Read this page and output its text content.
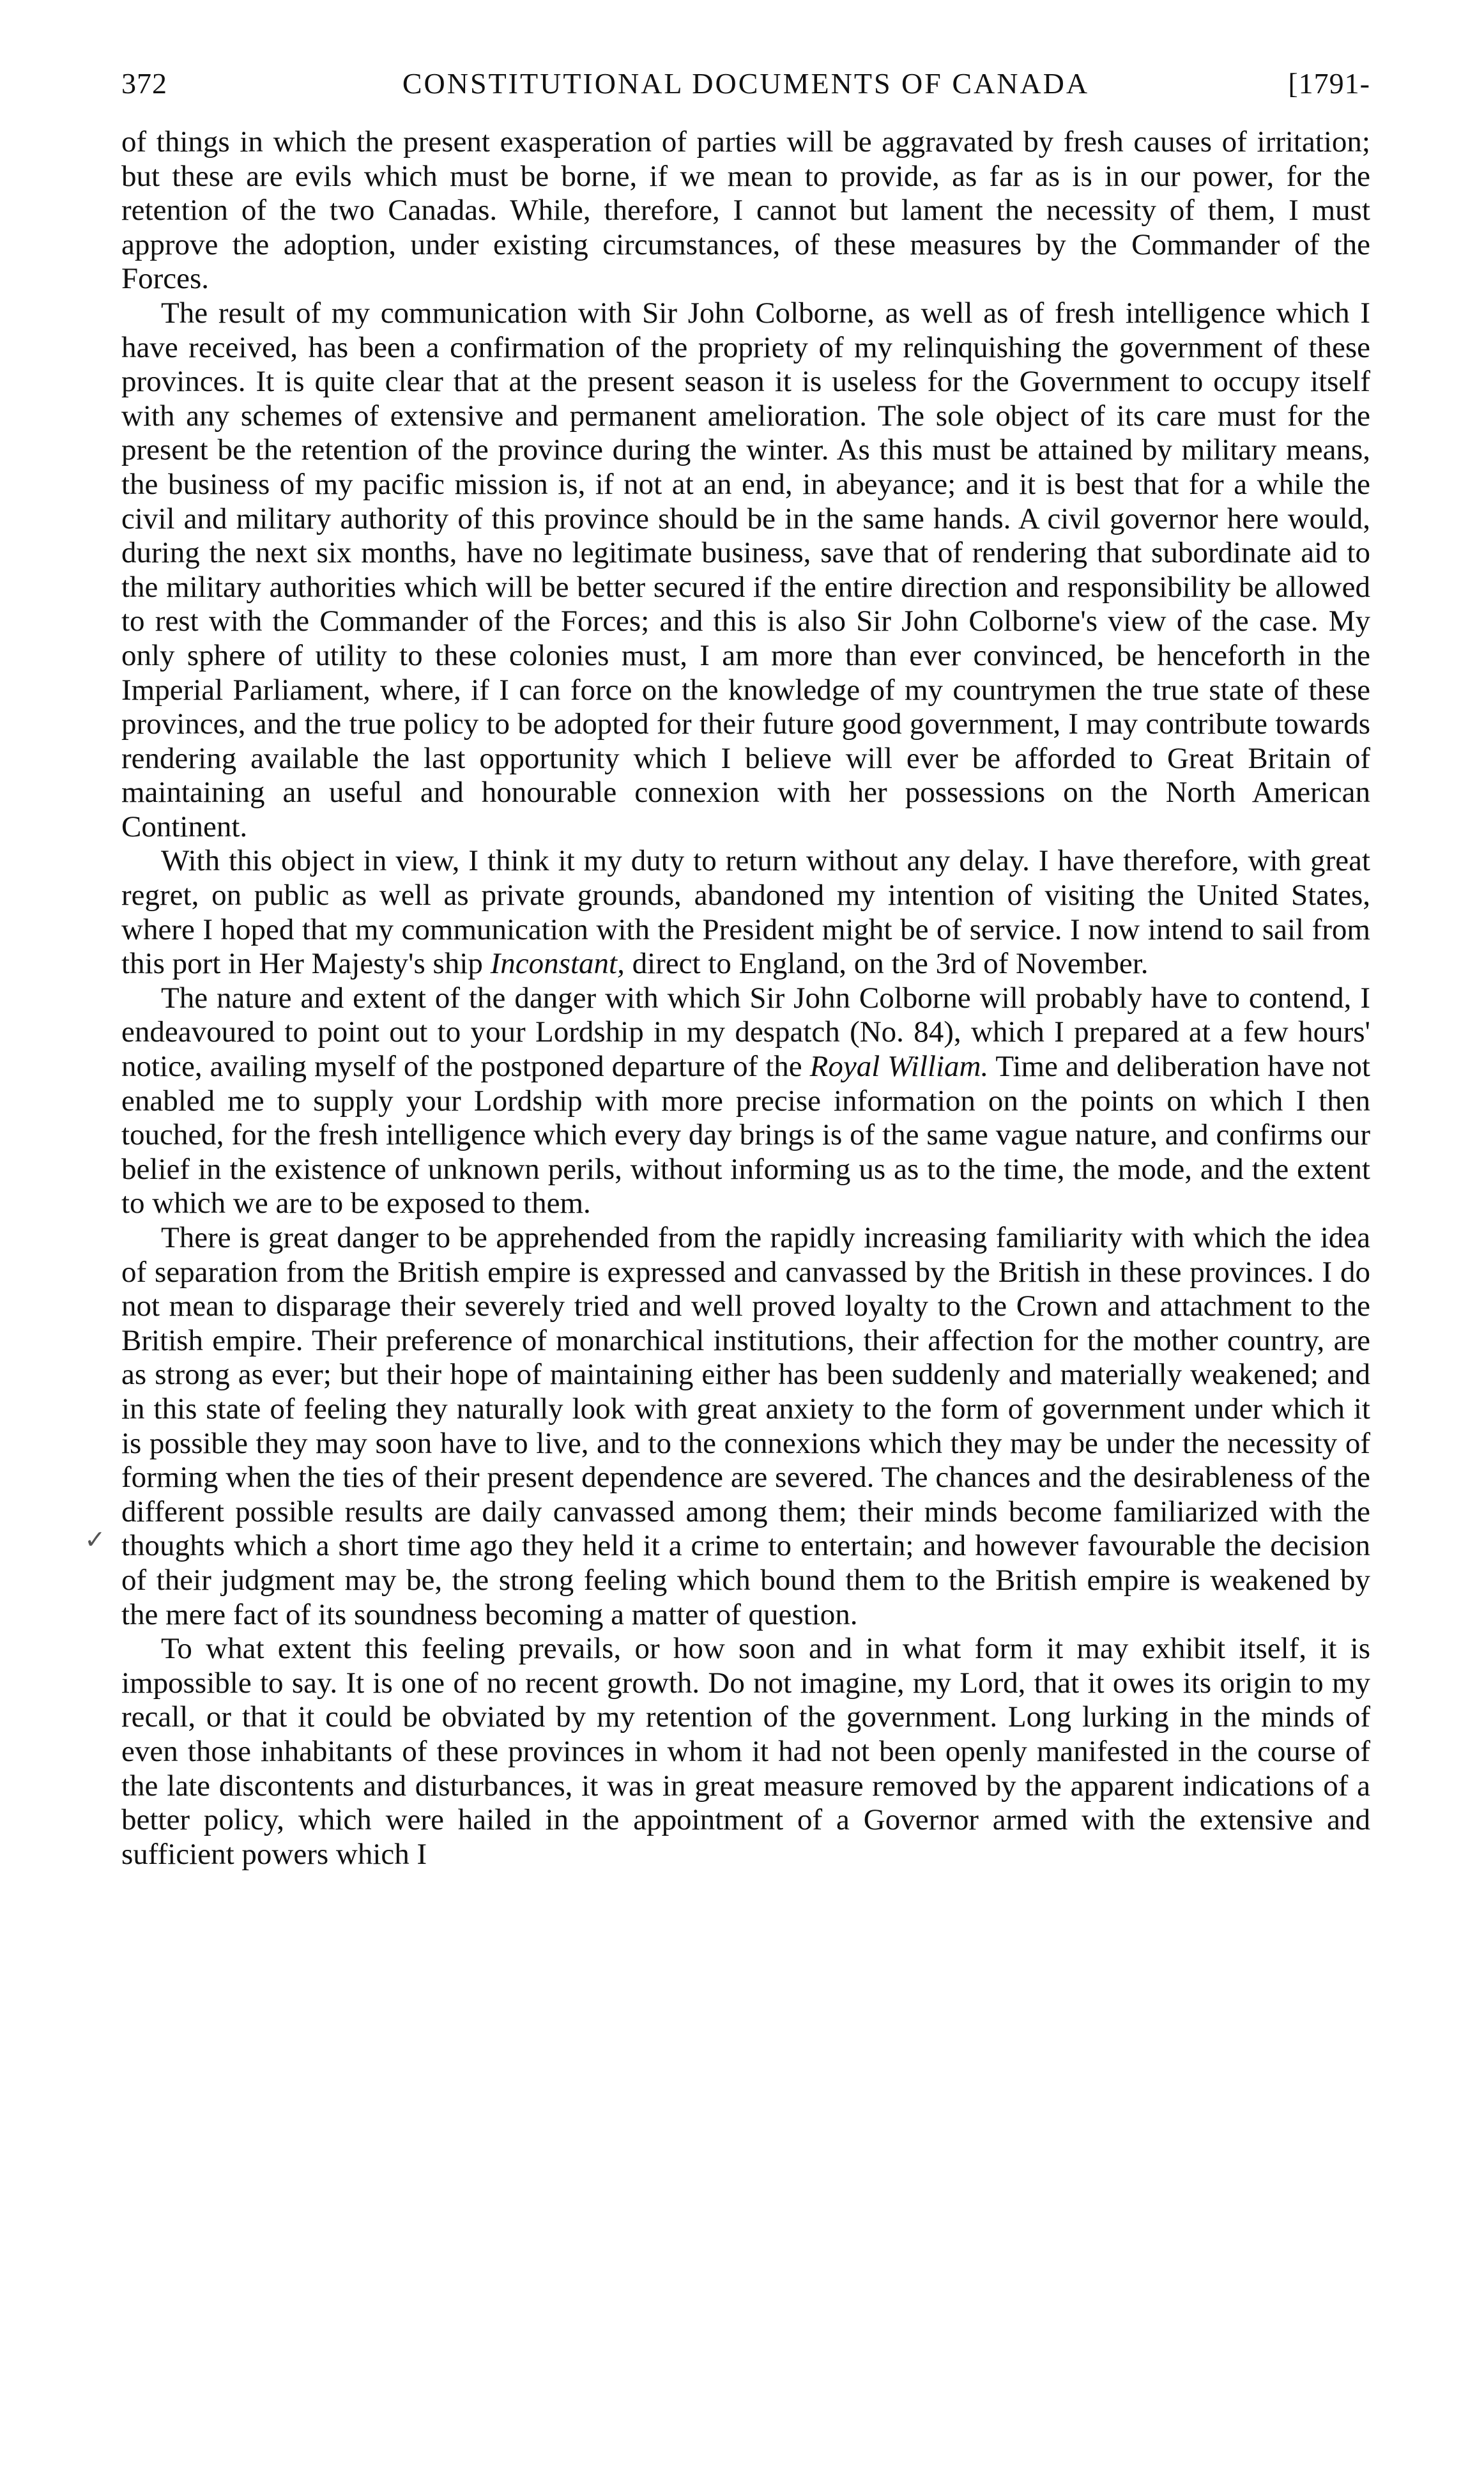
372	CONSTITUTIONAL DOCUMENTS OF CANADA	[1791-

of things in which the present exasperation of parties will be aggravated by fresh causes of irritation; but these are evils which must be borne, if we mean to provide, as far as is in our power, for the retention of the two Canadas. While, therefore, I cannot but lament the necessity of them, I must approve the adoption, under existing circumstances, of these measures by the Commander of the Forces.

The result of my communication with Sir John Colborne, as well as of fresh intelligence which I have received, has been a confirmation of the propriety of my relinquishing the government of these provinces. It is quite clear that at the present season it is useless for the Government to occupy itself with any schemes of extensive and permanent amelioration. The sole object of its care must for the present be the retention of the province during the winter. As this must be attained by military means, the business of my pacific mission is, if not at an end, in abeyance; and it is best that for a while the civil and military authority of this province should be in the same hands. A civil governor here would, during the next six months, have no legitimate business, save that of rendering that subordinate aid to the military authorities which will be better secured if the entire direction and responsibility be allowed to rest with the Commander of the Forces; and this is also Sir John Colborne's view of the case. My only sphere of utility to these colonies must, I am more than ever convinced, be henceforth in the Imperial Parliament, where, if I can force on the knowledge of my countrymen the true state of these provinces, and the true policy to be adopted for their future good government, I may contribute towards rendering available the last opportunity which I believe will ever be afforded to Great Britain of maintaining an useful and honourable connexion with her possessions on the North American Continent.

With this object in view, I think it my duty to return without any delay. I have therefore, with great regret, on public as well as private grounds, abandoned my intention of visiting the United States, where I hoped that my communication with the President might be of service. I now intend to sail from this port in Her Majesty's ship Inconstant, direct to England, on the 3rd of November.

The nature and extent of the danger with which Sir John Colborne will probably have to contend, I endeavoured to point out to your Lordship in my despatch (No. 84), which I prepared at a few hours' notice, availing myself of the postponed departure of the Royal William. Time and deliberation have not enabled me to supply your Lordship with more precise information on the points on which I then touched, for the fresh intelligence which every day brings is of the same vague nature, and confirms our belief in the existence of unknown perils, without informing us as to the time, the mode, and the extent to which we are to be exposed to them.

There is great danger to be apprehended from the rapidly increasing familiarity with which the idea of separation from the British empire is expressed and canvassed by the British in these provinces. I do not mean to disparage their severely tried and well proved loyalty to the Crown and attachment to the British empire. Their preference of monarchical institutions, their affection for the mother country, are as strong as ever; but their hope of maintaining either has been suddenly and materially weakened; and in this state of feeling they naturally look with great anxiety to the form of government under which it is possible they may soon have to live, and to the connexions which they may be under the necessity of forming when the ties of their present dependence are severed. The chances and the desirableness of the different possible results are daily canvassed among them; their minds become familiarized with the thoughts which a short time ago they held it a crime to entertain; and however favourable the decision of their judgment may be, the strong feeling which bound them to the British empire is weakened by the mere fact of its soundness becoming a matter of question.

To what extent this feeling prevails, or how soon and in what form it may exhibit itself, it is impossible to say. It is one of no recent growth. Do not imagine, my Lord, that it owes its origin to my recall, or that it could be obviated by my retention of the government. Long lurking in the minds of even those inhabitants of these provinces in whom it had not been openly manifested in the course of the late discontents and disturbances, it was in great measure removed by the apparent indications of a better policy, which were hailed in the appointment of a Governor armed with the extensive and sufficient powers which I

✓
